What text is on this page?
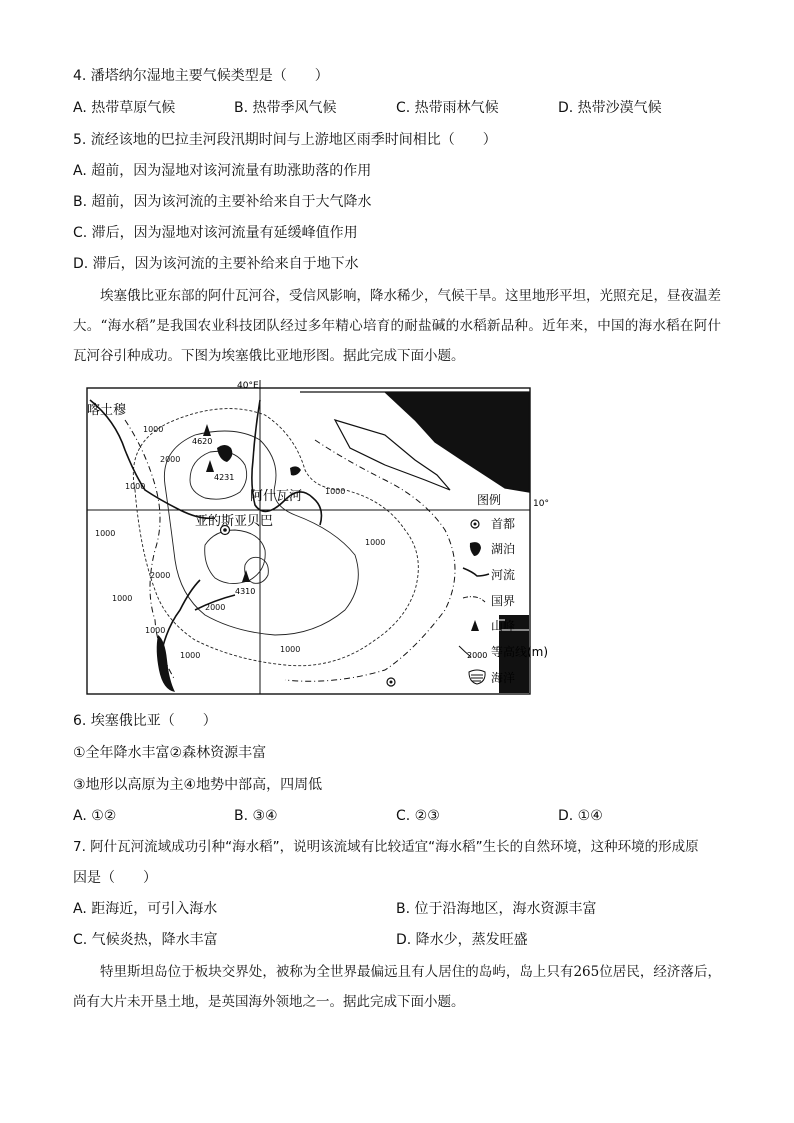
4. 潘塔纳尔湿地主要气候类型是（　　）
A. 热带草原气候	B. 热带季风气候	C. 热带雨林气候	D. 热带沙漠气候
5. 流经该地的巴拉圭河段汛期时间与上游地区雨季时间相比（　　）
A. 超前，因为湿地对该河流量有助涨助落的作用
B. 超前，因为该河流的主要补给来自于大气降水
C. 滞后，因为湿地对该河流量有延缓峰值作用
D. 滞后，因为该河流的主要补给来自于地下水
埃塞俄比亚东部的阿什瓦河谷，受信风影响，降水稀少，气候干旱。这里地形平坦，光照充足，昼夜温差大。“海水稻”是我国农业科技团队经过多年精心培育的耐盐碱的水稻新品种。近年来，中国的海水稻在阿什瓦河谷引种成功。下图为埃塞俄比亚地形图。据此完成下面小题。
40°E
10°
4620
4231
4310
喀土穆
阿什瓦河
亚的斯亚贝巴
1000
2000
1000
1000
1000
1000
2000
1000
2000
1000
1000
1000
图例
首都
湖泊
河流
国界
山峰
2000 等高线(m)
海洋
6. 埃塞俄比亚（　　）
①全年降水丰富②森林资源丰富
③地形以高原为主④地势中部高，四周低
A. ①②	B. ③④	C. ②③	D. ①④
7. 阿什瓦河流域成功引种“海水稻”，说明该流域有比较适宜“海水稻”生长的自然环境，这种环境的形成原
因是（　　）
A. 距海近，可引入海水	B. 位于沿海地区，海水资源丰富
C. 气候炎热，降水丰富	D. 降水少，蒸发旺盛
特里斯坦岛位于板块交界处，被称为全世界最偏远且有人居住的岛屿，岛上只有265位居民，经济落后，尚有大片未开垦土地，是英国海外领地之一。据此完成下面小题。
